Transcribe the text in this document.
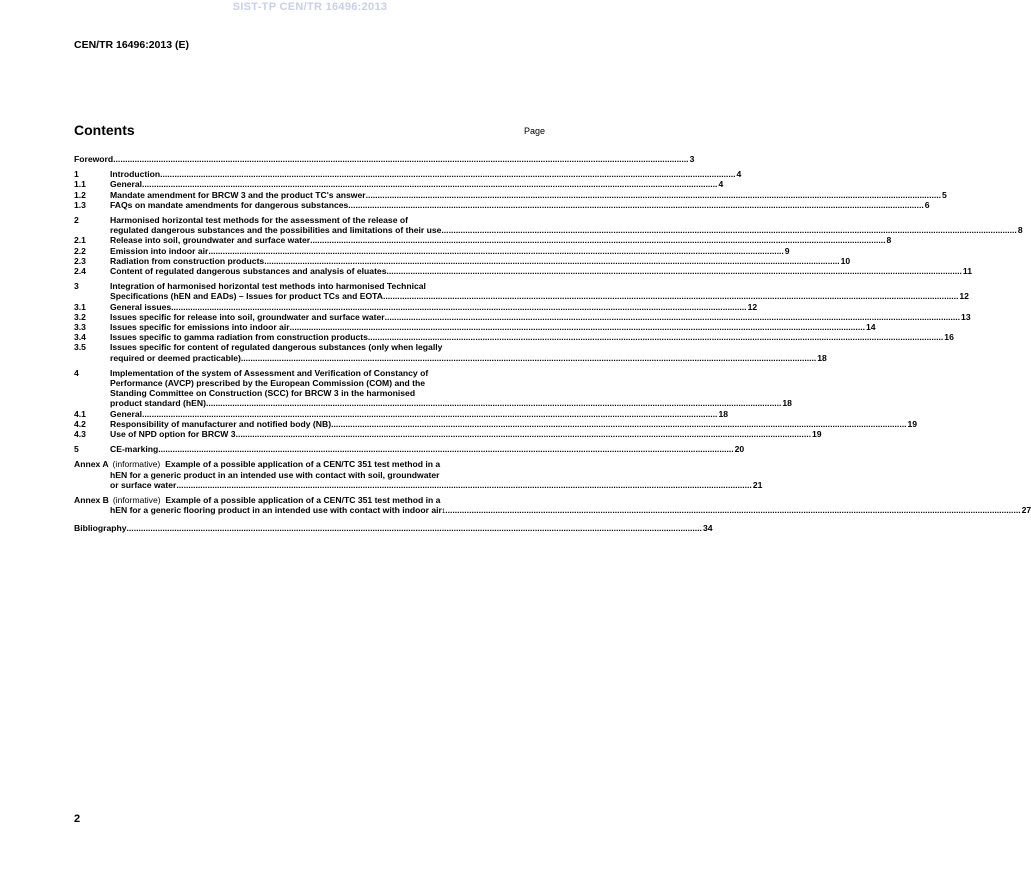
SIST-TP CEN/TR 16496:2013
CEN/TR 16496:2013 (E)
Contents	Page
Foreword .....	3
1	Introduction .....	4
1.1	General .....	4
1.2	Mandate amendment for BRCW 3 and the product TC's answer .....	5
1.3	FAQs on mandate amendments for dangerous substances .....	6
2	Harmonised horizontal test methods for the assessment of the release of
regulated dangerous substances and the possibilities and limitations of their use .....	8
2.1	Release into soil, groundwater and surface water .....	8
2.2	Emission into indoor air .....	9
2.3	Radiation from construction products .....	10
2.4	Content of regulated dangerous substances and analysis of eluates .....	11
3	Integration of harmonised horizontal test methods into harmonised Technical
Specifications (hEN and EADs) – Issues for product TCs and EOTA .....	12
3.1	General issues .....	12
3.2	Issues specific for release into soil, groundwater and surface water .....	13
3.3	Issues specific for emissions into indoor air .....	14
3.4	Issues specific to gamma radiation from construction products .....	16
3.5	Issues specific for content of regulated dangerous substances (only when legally
required or deemed practicable) .....	18
4	Implementation of the system of Assessment and Verification of Constancy of
Performance (AVCP) prescribed by the European Commission (COM) and the
Standing Committee on Construction (SCC) for BRCW 3 in the harmonised
product standard (hEN) .....	18
4.1	General .....	18
4.2	Responsibility of manufacturer and notified body (NB) .....	19
4.3	Use of NPD option for BRCW 3 .....	19
5	CE-marking .....	20
Annex A (informative)
Example of a possible application of a CEN/TC 351 test method in a
hEN for a generic product in an intended use with contact with soil, groundwater
or surface water .....	21
Annex B (informative)
Example of a possible application of a CEN/TC 351 test method in a
hEN for a generic flooring product in an intended use with contact with indoor air$_1$ .....	27
Bibliography .....	34
2
